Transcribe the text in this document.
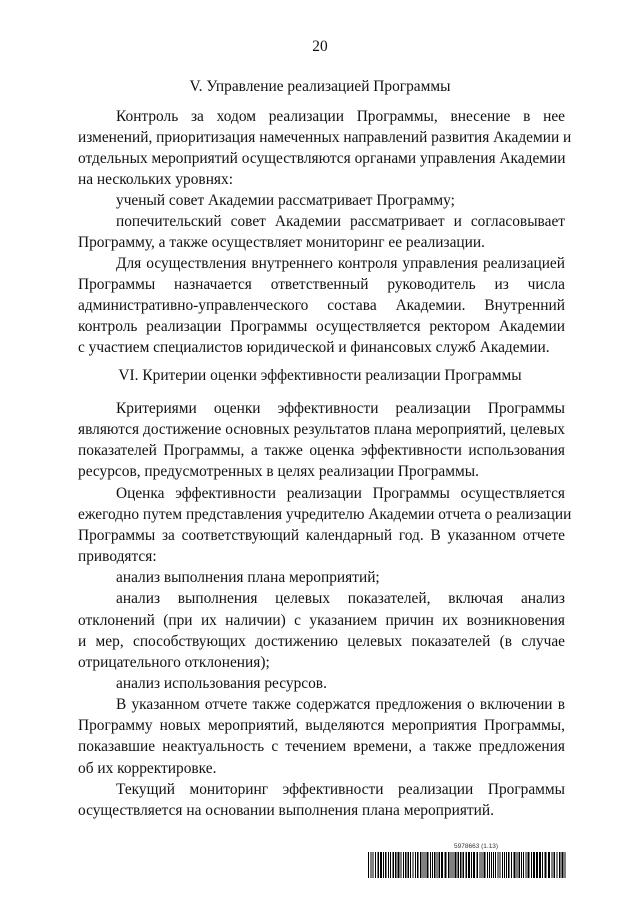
20
V. Управление реализацией Программы
Контроль за ходом реализации Программы, внесение в нее
изменений, приоритизация намеченных направлений развития Академии и
отдельных мероприятий осуществляются органами управления Академии
на нескольких уровнях:
ученый совет Академии рассматривает Программу;
попечительский совет Академии рассматривает и согласовывает
Программу, а также осуществляет мониторинг ее реализации.
Для осуществления внутреннего контроля управления реализацией
Программы назначается ответственный руководитель из числа
административно-управленческого состава Академии. Внутренний
контроль реализации Программы осуществляется ректором Академии
с участием специалистов юридической и финансовых служб Академии.
VI. Критерии оценки эффективности реализации Программы
Критериями оценки эффективности реализации Программы
являются достижение основных результатов плана мероприятий, целевых
показателей Программы, а также оценка эффективности использования
ресурсов, предусмотренных в целях реализации Программы.
Оценка эффективности реализации Программы осуществляется
ежегодно путем представления учредителю Академии отчета о реализации
Программы за соответствующий календарный год. В указанном отчете
приводятся:
анализ выполнения плана мероприятий;
анализ выполнения целевых показателей, включая анализ
отклонений (при их наличии) с указанием причин их возникновения
и мер, способствующих достижению целевых показателей (в случае
отрицательного отклонения);
анализ использования ресурсов.
В указанном отчете также содержатся предложения о включении в
Программу новых мероприятий, выделяются мероприятия Программы,
показавшие неактуальность с течением времени, а также предложения
об их корректировке.
Текущий мониторинг эффективности реализации Программы
осуществляется на основании выполнения плана мероприятий.
5978663 (1.13)
